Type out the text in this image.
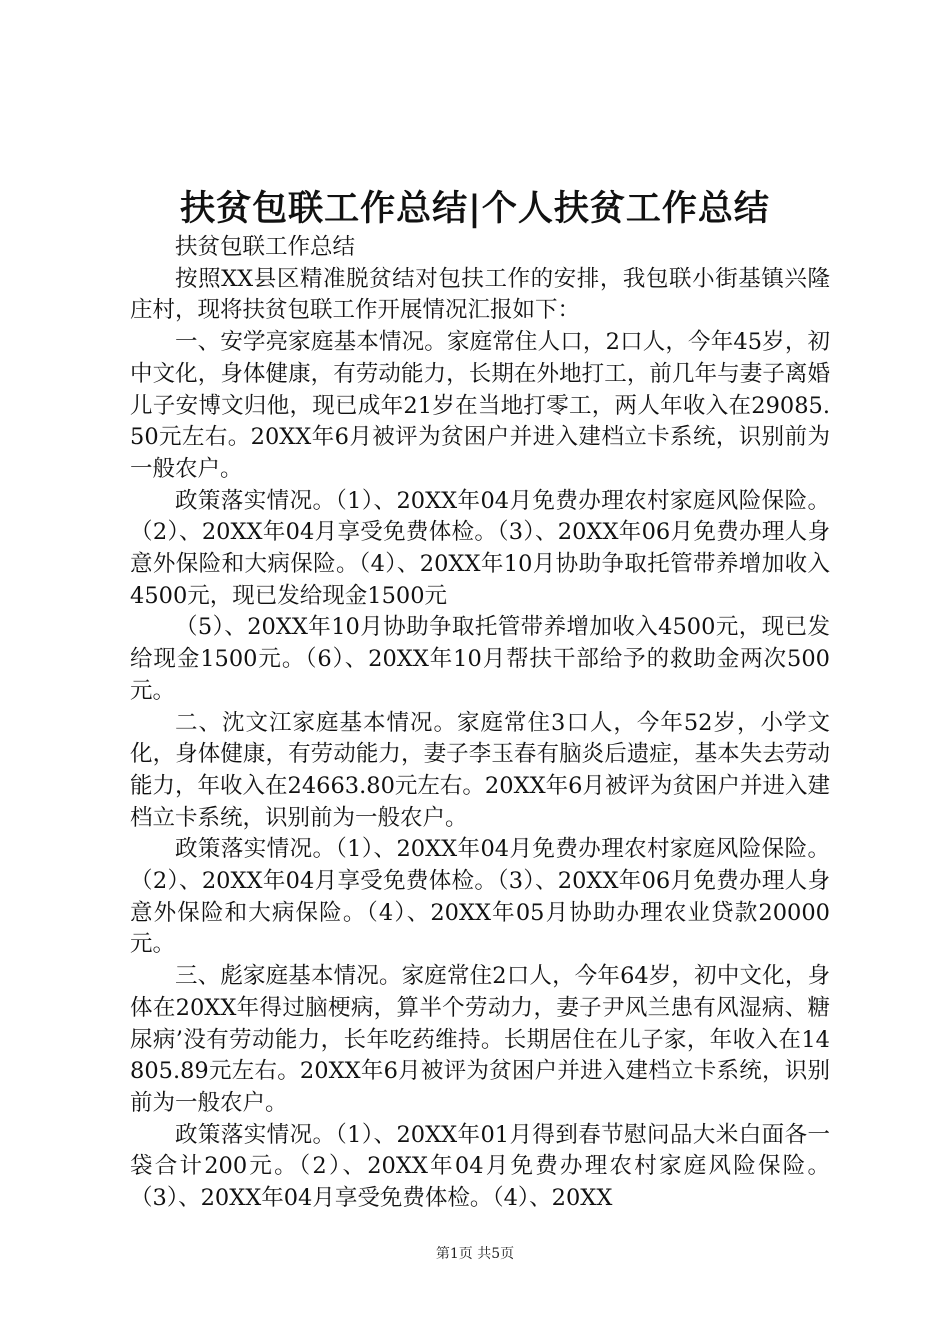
扶贫包联工作总结|个人扶贫工作总结

扶贫包联工作总结

按照XX县区精准脱贫结对包扶工作的安排，我包联小街基镇兴隆庄村，现将扶贫包联工作开展情况汇报如下：

一、安学亮家庭基本情况。家庭常住人口，2口人，今年45岁，初中文化，身体健康，有劳动能力，长期在外地打工，前几年与妻子离婚儿子安博文归他，现已成年21岁在当地打零工，两人年收入在29085.50元左右。20XX年6月被评为贫困户并进入建档立卡系统，识别前为一般农户。

政策落实情况。（1）、20XX年04月免费办理农村家庭风险保险。（2）、20XX年04月享受免费体检。（3）、20XX年06月免费办理人身意外保险和大病保险。（4）、20XX年10月协助争取托管带养增加收入4500元，现已发给现金1500元

（5）、20XX年10月协助争取托管带养增加收入4500元，现已发给现金1500元。（6）、20XX年10月帮扶干部给予的救助金两次500元。

二、沈文江家庭基本情况。家庭常住3口人，今年52岁，小学文化，身体健康，有劳动能力，妻子李玉春有脑炎后遗症，基本失去劳动能力，年收入在24663.80元左右。20XX年6月被评为贫困户并进入建档立卡系统，识别前为一般农户。

政策落实情况。（1）、20XX年04月免费办理农村家庭风险保险。（2）、20XX年04月享受免费体检。（3）、20XX年06月免费办理人身意外保险和大病保险。（4）、20XX年05月协助办理农业贷款20000元。

三、彪家庭基本情况。家庭常住2口人，今年64岁，初中文化，身体在20XX年得过脑梗病，算半个劳动力，妻子尹风兰患有风湿病、糖尿病’没有劳动能力，长年吃药维持。长期居住在儿子家，年收入在14805.89元左右。20XX年6月被评为贫困户并进入建档立卡系统，识别前为一般农户。

政策落实情况。（1）、20XX年01月得到春节慰问品大米白面各一袋合计200元。（2）、20XX年04月免费办理农村家庭风险保险。（3）、20XX年04月享受免费体检。（4）、20XX

第1页 共5页
